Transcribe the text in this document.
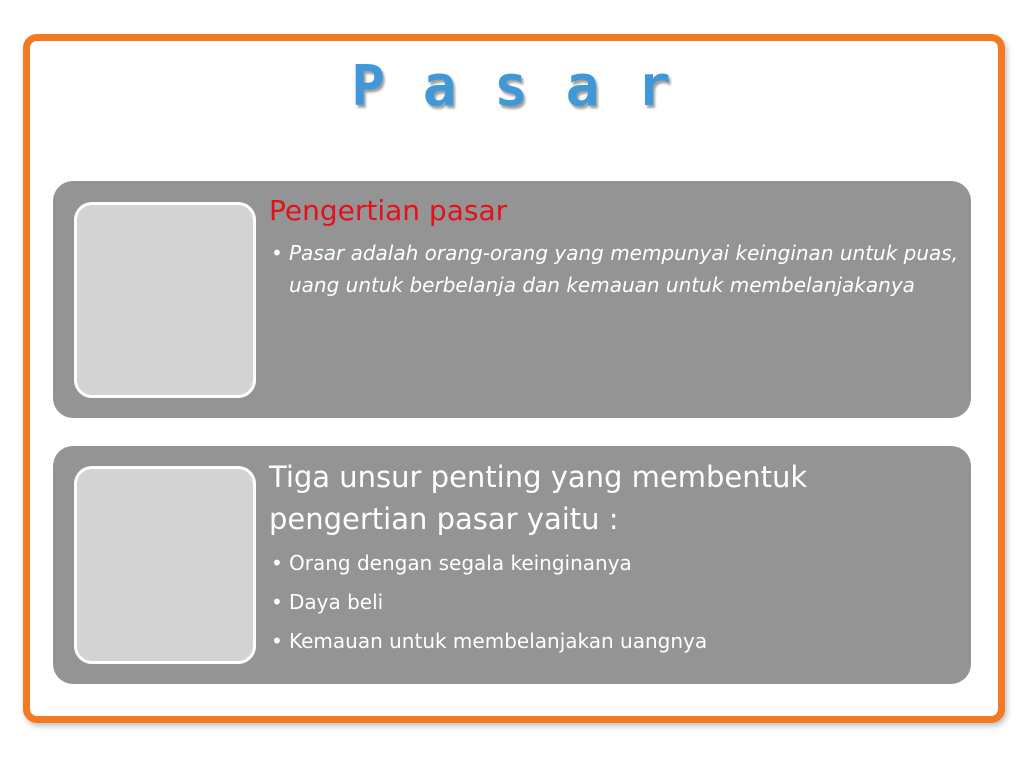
P a s a r
Pengertian pasar
• Pasar adalah orang-orang yang mempunyai keinginan untuk puas, uang untuk berbelanja dan kemauan untuk membelanjakanya
Tiga unsur penting yang membentuk pengertian pasar yaitu :
• Orang dengan segala keinginanya
• Daya beli
• Kemauan untuk membelanjakan uangnya
